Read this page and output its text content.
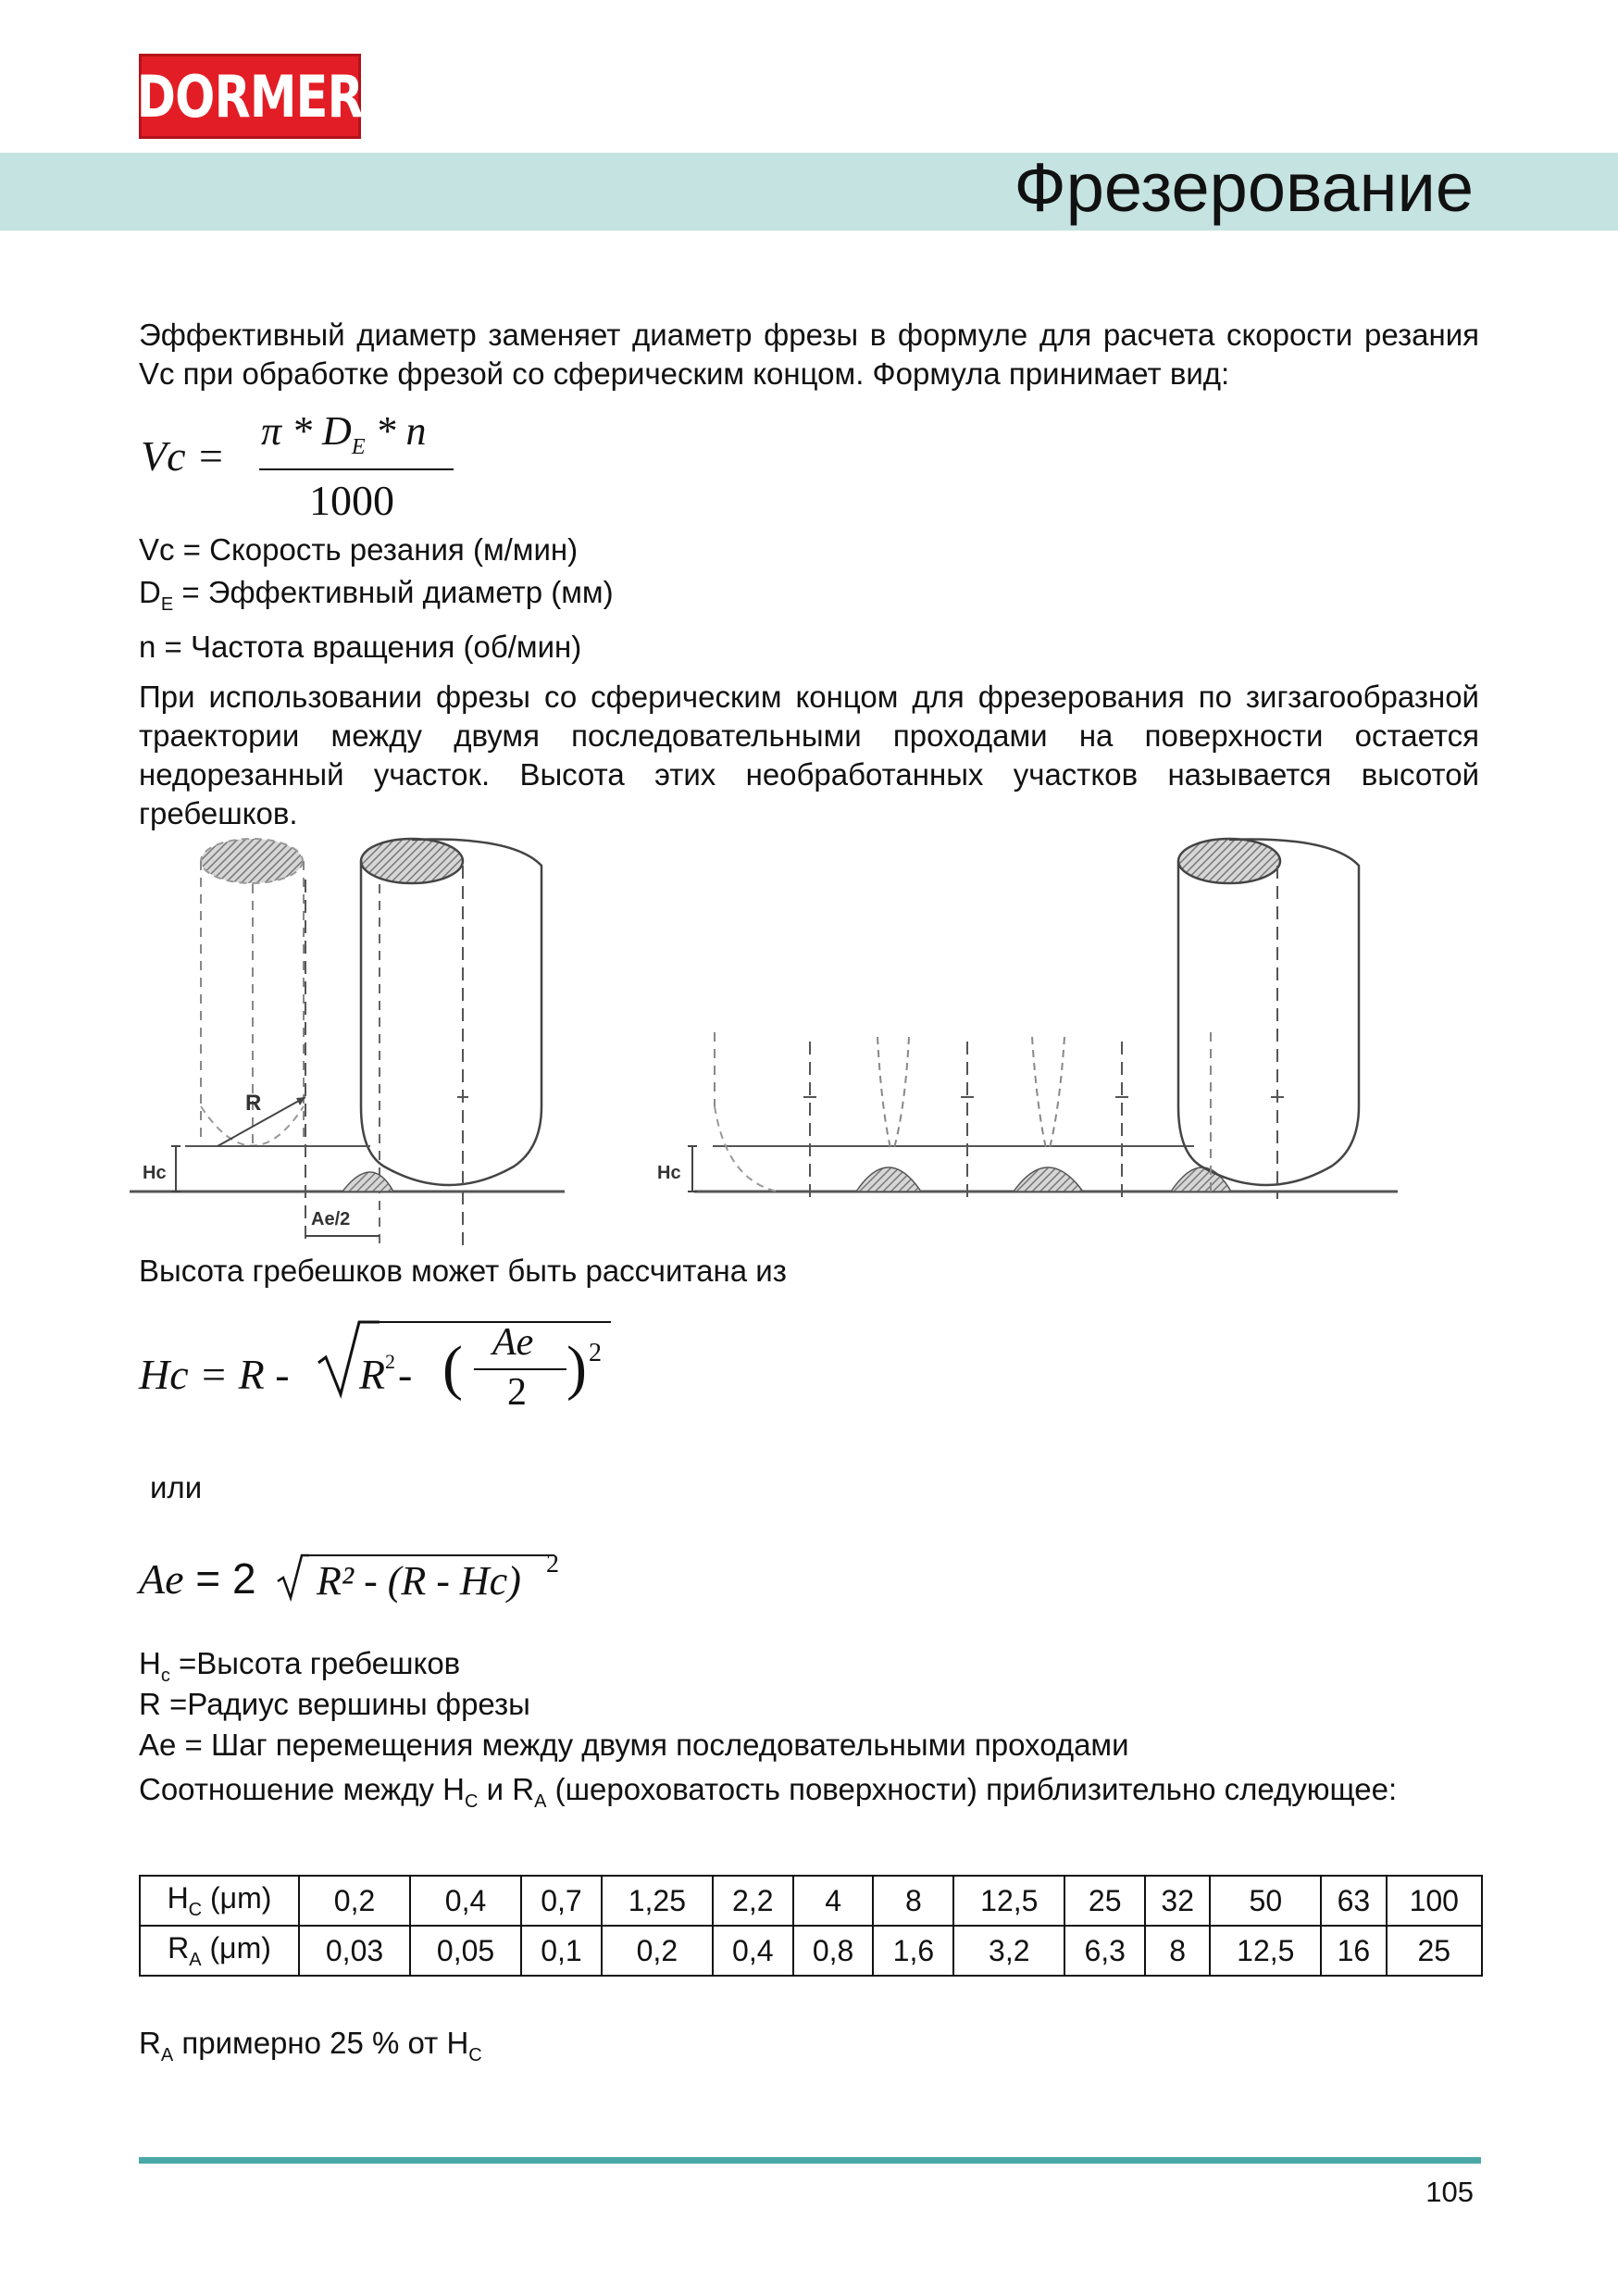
DORMER
Фрезерование
Эффективный диаметр заменяет диаметр фрезы в формуле для расчета скорости резания Vc при обработке фрезой со сферическим концом. Формула принимает вид:
Vc =
π * $D_E$ * n
1000
Vc = Скорость резания (м/мин)
$D_E$ = Эффективный диаметр (мм)
n = Частота вращения (об/мин)
При использовании фрезы со сферическим концом для фрезерования по зигзагообразной траектории между двумя последовательными проходами на поверхности остается недорезанный участок. Высота этих необработанных участков называется высотой гребешков.
R
Hc
Ae/2
Hc
Высота гребешков может быть рассчитана из
Hc = R - R 2 - ( Ae
2 ) 2
или
Ae = 2 R² - (R - Hc) 2
$H_c$ =Высота гребешков
R =Радиус вершины фрезы
Ae = Шаг перемещения между двумя последовательными проходами
Соотношение между $H_C$ и $R_A$ (шероховатость поверхности) приблизительно следующее:
$H_C$ (μm)	0,2	0,4	0,7	1,25	2,2	4	8	12,5	25	32	50	63	100
$R_A$ (μm)	0,03	0,05	0,1	0,2	0,4	0,8	1,6	3,2	6,3	8	12,5	16	25
$R_A$ примерно 25 % от $H_C$
105
